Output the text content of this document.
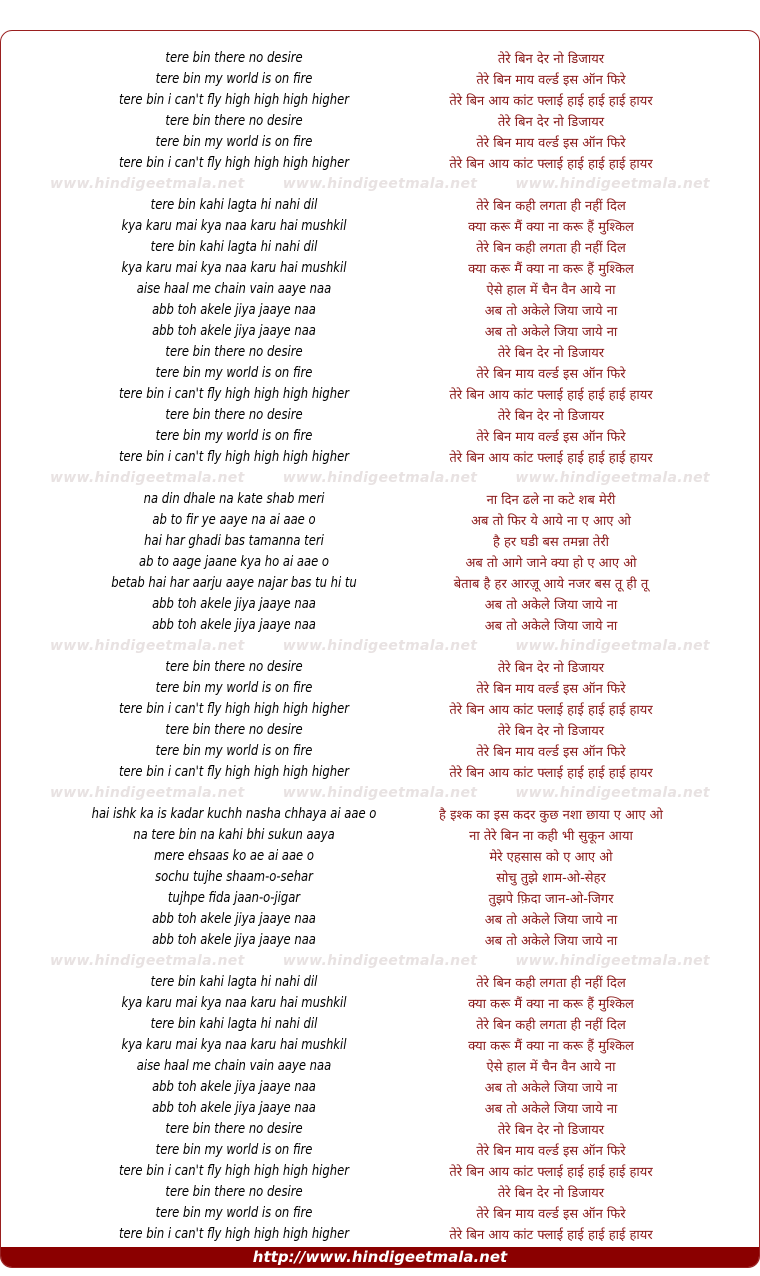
tere bin there no desire	तेरे बिन देर नो डिजायर
tere bin my world is on fire	तेरे बिन माय वर्ल्ड इस ऑन फिरे
tere bin i can't fly high high high higher	तेरे बिन आय कांट फ्लाई हाई हाई हाई हायर
tere bin there no desire	तेरे बिन देर नो डिजायर
tere bin my world is on fire	तेरे बिन माय वर्ल्ड इस ऑन फिरे
tere bin i can't fly high high high higher	तेरे बिन आय कांट फ्लाई हाई हाई हाई हायर
www.hindigeetmala.net	www.hindigeetmala.net	www.hindigeetmala.net
tere bin kahi lagta hi nahi dil	तेरे बिन कही लगता ही नहीं दिल
kya karu mai kya naa karu hai mushkil	क्या करू मैं क्या ना करू हैं मुश्किल
tere bin kahi lagta hi nahi dil	तेरे बिन कही लगता ही नहीं दिल
kya karu mai kya naa karu hai mushkil	क्या करू मैं क्या ना करू हैं मुश्किल
aise haal me chain vain aaye naa	ऐसे हाल में चैन वैन आये ना
abb toh akele jiya jaaye naa	अब तो अकेले जिया जाये ना
abb toh akele jiya jaaye naa	अब तो अकेले जिया जाये ना
tere bin there no desire	तेरे बिन देर नो डिजायर
tere bin my world is on fire	तेरे बिन माय वर्ल्ड इस ऑन फिरे
tere bin i can't fly high high high higher	तेरे बिन आय कांट फ्लाई हाई हाई हाई हायर
tere bin there no desire	तेरे बिन देर नो डिजायर
tere bin my world is on fire	तेरे बिन माय वर्ल्ड इस ऑन फिरे
tere bin i can't fly high high high higher	तेरे बिन आय कांट फ्लाई हाई हाई हाई हायर
www.hindigeetmala.net	www.hindigeetmala.net	www.hindigeetmala.net
na din dhale na kate shab meri	ना दिन ढले ना कटे शब मेरी
ab to fir ye aaye na ai aae o	अब तो फिर ये आये ना ए आए ओ
hai har ghadi bas tamanna teri	है हर घडी बस तमन्ना तेरी
ab to aage jaane kya ho ai aae o	अब तो आगे जाने क्या हो ए आए ओ
betab hai har aarju aaye najar bas tu hi tu	बेताब है हर आरज़ू आये नजर बस तू ही तू
abb toh akele jiya jaaye naa	अब तो अकेले जिया जाये ना
abb toh akele jiya jaaye naa	अब तो अकेले जिया जाये ना
www.hindigeetmala.net	www.hindigeetmala.net	www.hindigeetmala.net
tere bin there no desire	तेरे बिन देर नो डिजायर
tere bin my world is on fire	तेरे बिन माय वर्ल्ड इस ऑन फिरे
tere bin i can't fly high high high higher	तेरे बिन आय कांट फ्लाई हाई हाई हाई हायर
tere bin there no desire	तेरे बिन देर नो डिजायर
tere bin my world is on fire	तेरे बिन माय वर्ल्ड इस ऑन फिरे
tere bin i can't fly high high high higher	तेरे बिन आय कांट फ्लाई हाई हाई हाई हायर
www.hindigeetmala.net	www.hindigeetmala.net	www.hindigeetmala.net
hai ishk ka is kadar kuchh nasha chhaya ai aae o	है इश्क का इस कदर कुछ नशा छाया ए आए ओ
na tere bin na kahi bhi sukun aaya	ना तेरे बिन ना कही भी सुकून आया
mere ehsaas ko ae ai aae o	मेरे एहसास को ए आए ओ
sochu tujhe shaam-o-sehar	सोचु तुझे शाम-ओ-सेहर
tujhpe fida jaan-o-jigar	तुझपे फ़िदा जान-ओ-जिगर
abb toh akele jiya jaaye naa	अब तो अकेले जिया जाये ना
abb toh akele jiya jaaye naa	अब तो अकेले जिया जाये ना
www.hindigeetmala.net	www.hindigeetmala.net	www.hindigeetmala.net
tere bin kahi lagta hi nahi dil	तेरे बिन कही लगता ही नहीं दिल
kya karu mai kya naa karu hai mushkil	क्या करू मैं क्या ना करू हैं मुश्किल
tere bin kahi lagta hi nahi dil	तेरे बिन कही लगता ही नहीं दिल
kya karu mai kya naa karu hai mushkil	क्या करू मैं क्या ना करू हैं मुश्किल
aise haal me chain vain aaye naa	ऐसे हाल में चैन वैन आये ना
abb toh akele jiya jaaye naa	अब तो अकेले जिया जाये ना
abb toh akele jiya jaaye naa	अब तो अकेले जिया जाये ना
tere bin there no desire	तेरे बिन देर नो डिजायर
tere bin my world is on fire	तेरे बिन माय वर्ल्ड इस ऑन फिरे
tere bin i can't fly high high high higher	तेरे बिन आय कांट फ्लाई हाई हाई हाई हायर
tere bin there no desire	तेरे बिन देर नो डिजायर
tere bin my world is on fire	तेरे बिन माय वर्ल्ड इस ऑन फिरे
tere bin i can't fly high high high higher	तेरे बिन आय कांट फ्लाई हाई हाई हाई हायर
http://www.hindigeetmala.net
